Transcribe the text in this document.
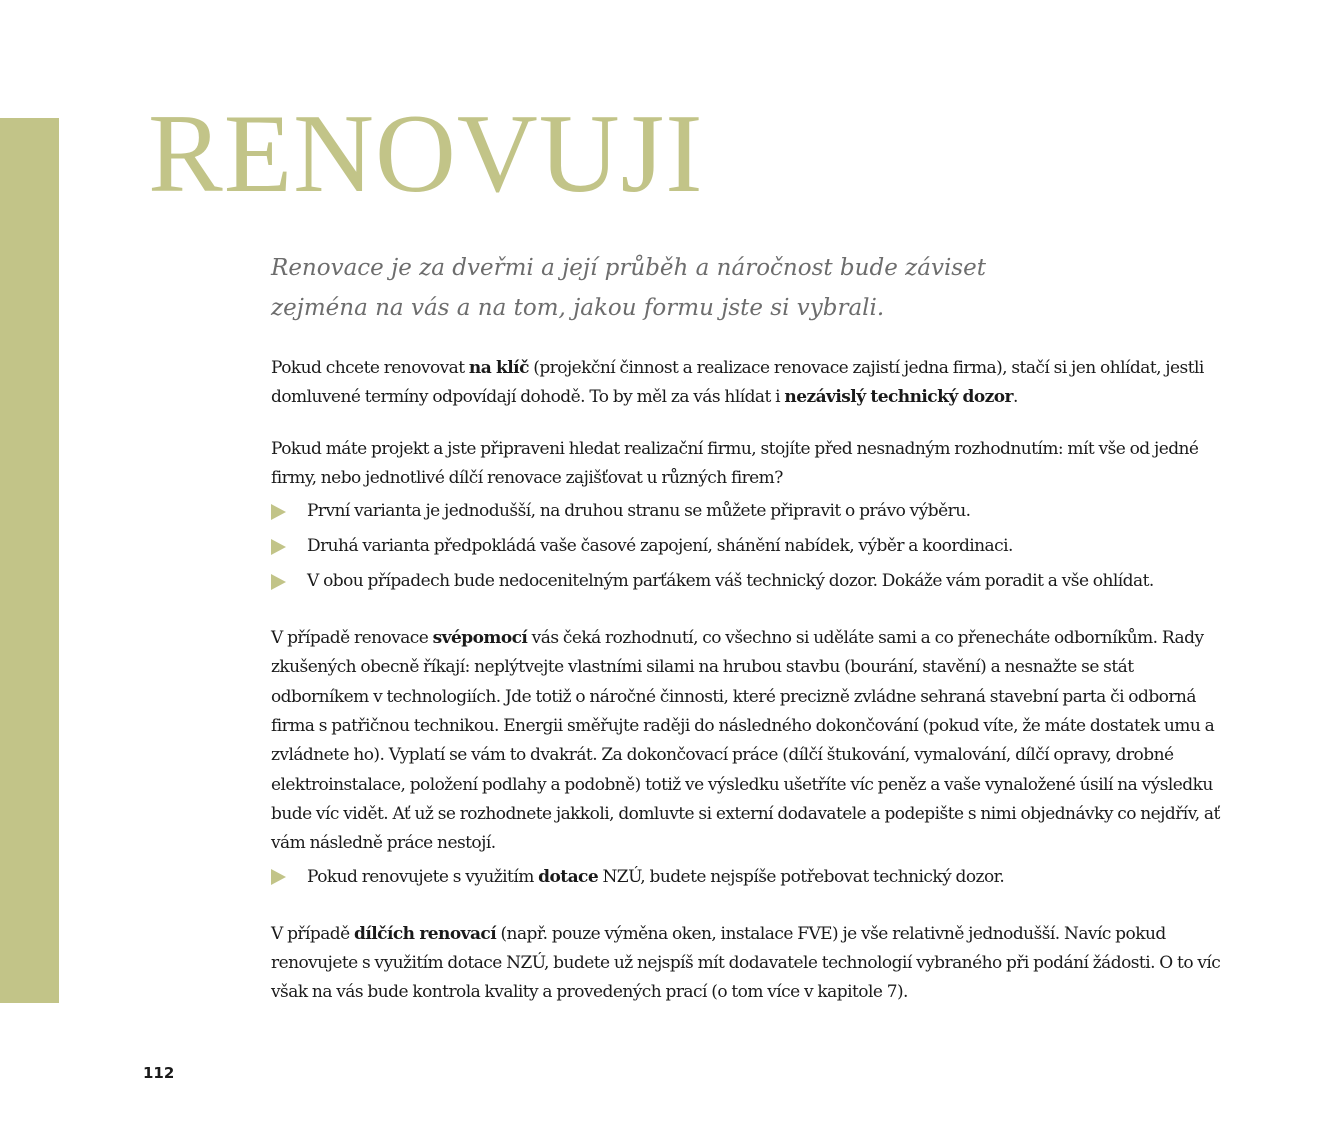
RENOVUJI

Renovace je za dveřmi a její průběh a náročnost bude záviset zejména na vás a na tom, jakou formu jste si vybrali.

Pokud chcete renovovat na klíč (projekční činnost a realizace renovace zajistí jedna firma), stačí si jen ohlídat, jestli domluvené termíny odpovídají dohodě. To by měl za vás hlídat i nezávislý technický dozor.

Pokud máte projekt a jste připraveni hledat realizační firmu, stojíte před nesnadným rozhodnutím: mít vše od jedné firmy, nebo jednotlivé dílčí renovace zajišťovat u různých firem?

První varianta je jednodušší, na druhou stranu se můžete připravit o právo výběru.
Druhá varianta předpokládá vaše časové zapojení, shánění nabídek, výběr a koordinaci.
V obou případech bude nedocenitelným parťákem váš technický dozor. Dokáže vám poradit a vše ohlídat.

V případě renovace svépomocí vás čeká rozhodnutí, co všechno si uděláte sami a co přenecháte odborníkům. Rady zkušených obecně říkají: neplýtvejte vlastními silami na hrubou stavbu (bourání, stavění) a nesnažte se stát odborníkem v technologiích. Jde totiž o náročné činnosti, které precizně zvládne sehraná stavební parta či odborná firma s patřičnou technikou. Energii směřujte raději do následného dokončování (pokud víte, že máte dostatek umu a zvládnete ho). Vyplatí se vám to dvakrát. Za dokončovací práce (dílčí štukování, vymalování, dílčí opravy, drobné elektroinstalace, položení podlahy a podobně) totiž ve výsledku ušetříte víc peněz a vaše vynaložené úsilí na výsledku bude víc vidět. Ať už se rozhodnete jakkoli, domluvte si externí dodavatele a podepište s nimi objednávky co nejdřív, ať vám následně práce nestojí.

Pokud renovujete s využitím dotace NZÚ, budete nejspíše potřebovat technický dozor.

V případě dílčích renovací (např. pouze výměna oken, instalace FVE) je vše relativně jednodušší. Navíc pokud renovujete s využitím dotace NZÚ, budete už nejspíš mít dodavatele technologií vybraného při podání žádosti. O to víc však na vás bude kontrola kvality a provedených prací (o tom více v kapitole 7).

112
